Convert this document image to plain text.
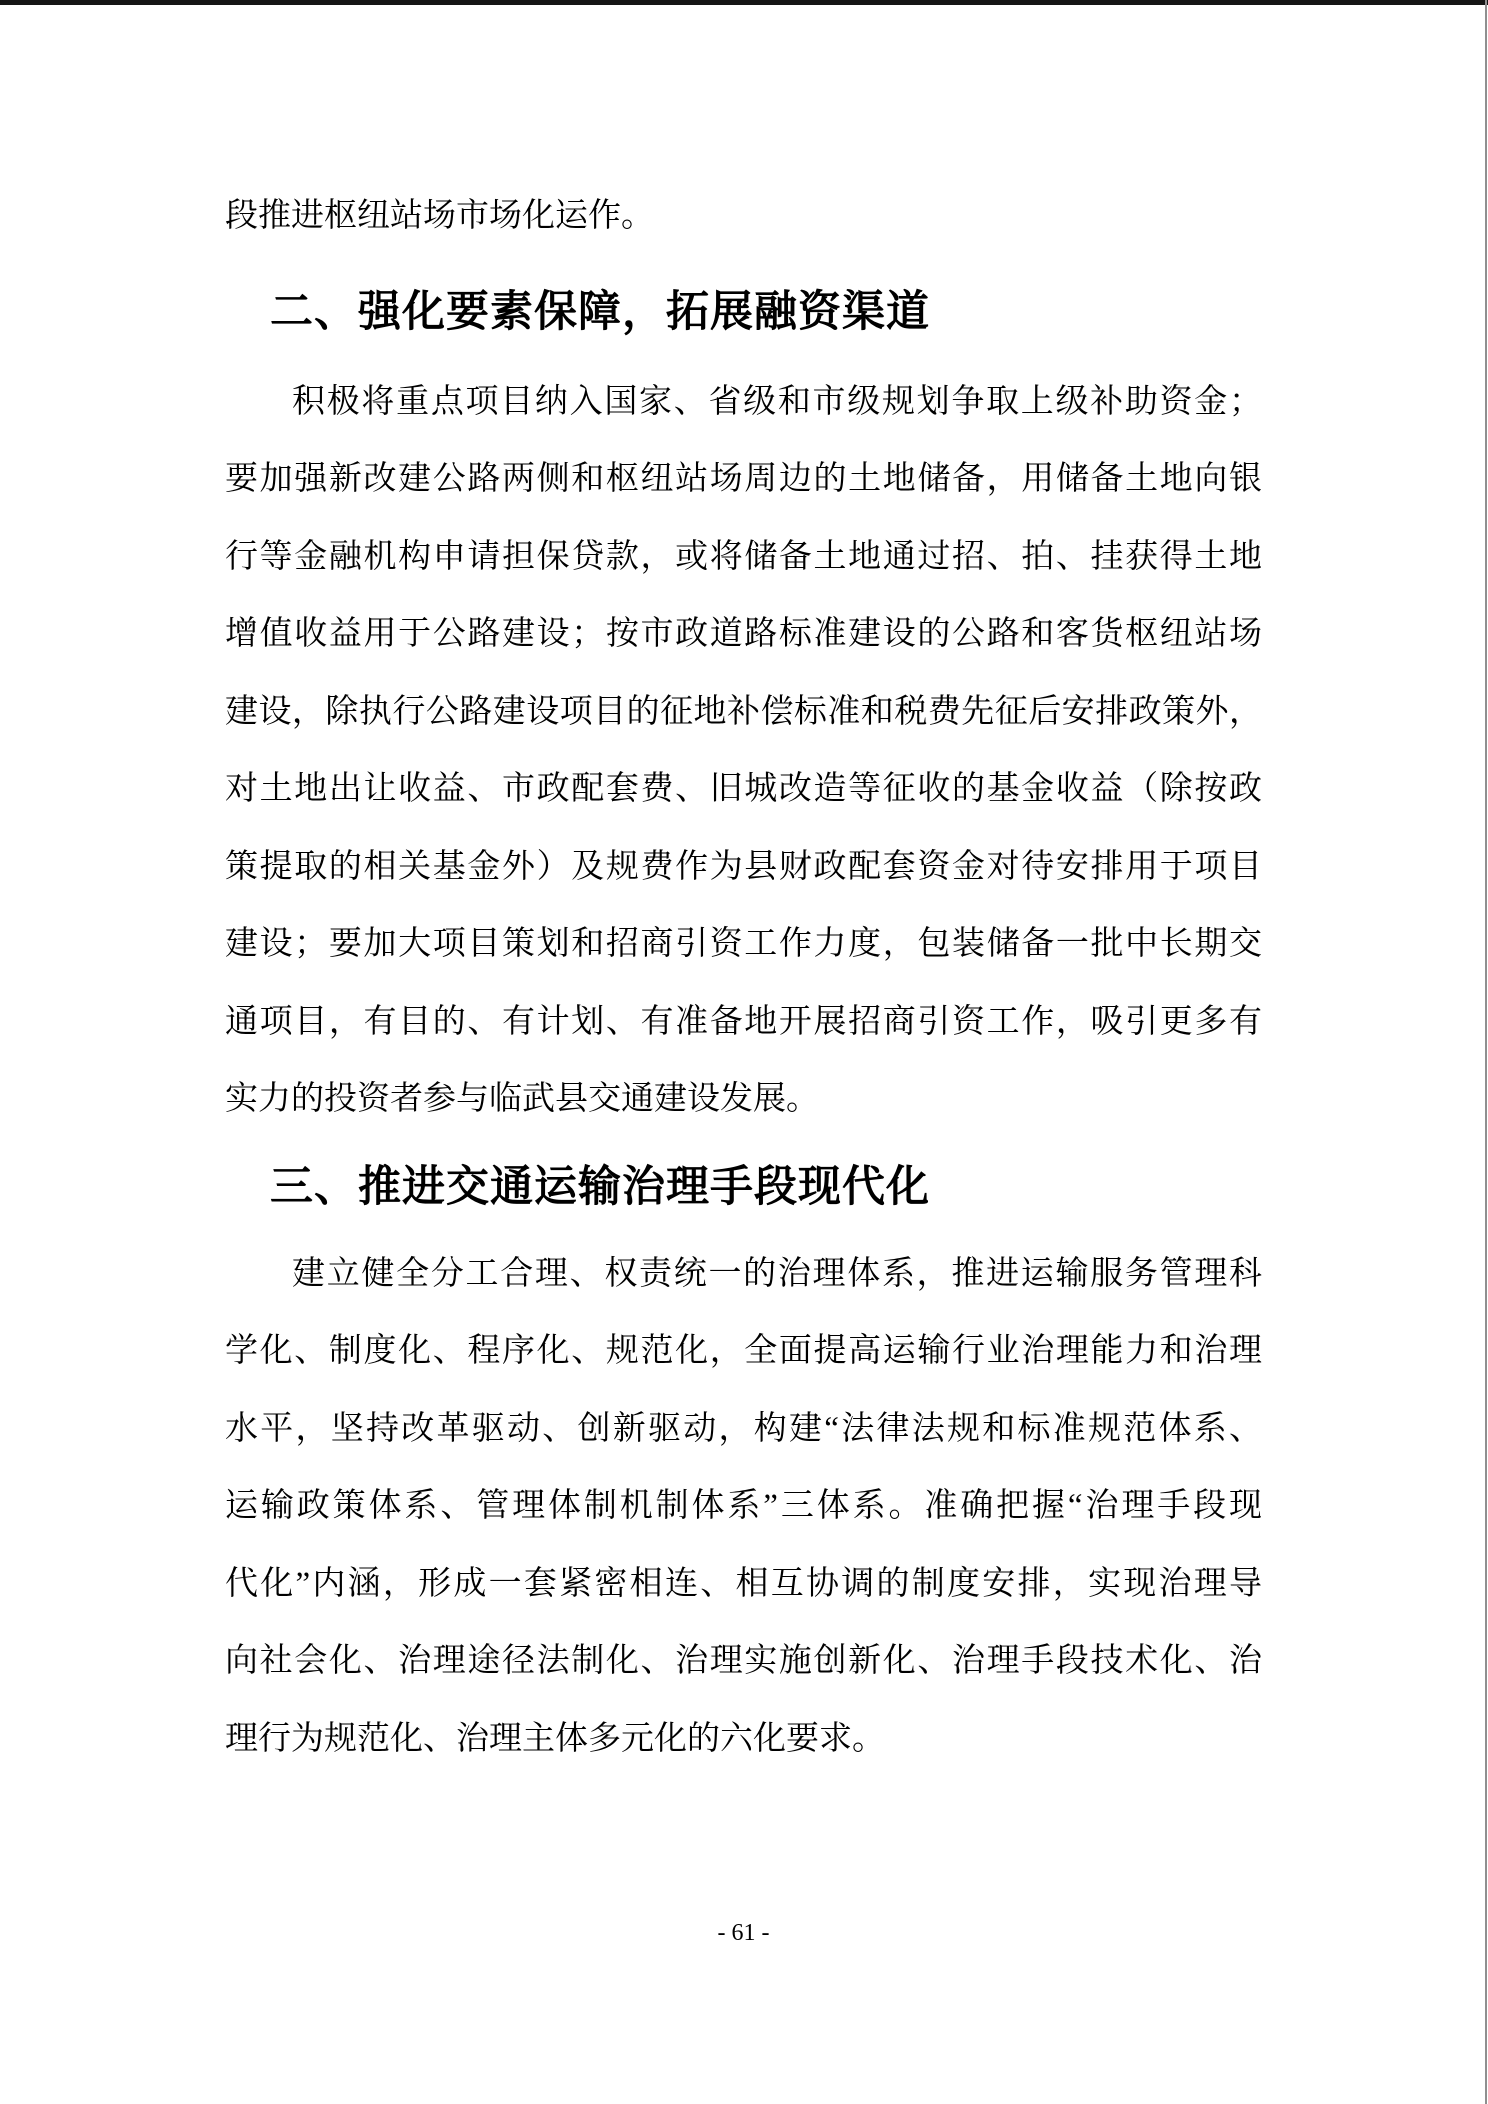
段推进枢纽站场市场化运作。
二、强化要素保障，拓展融资渠道
积极将重点项目纳入国家、省级和市级规划争取上级补助资金；
要加强新改建公路两侧和枢纽站场周边的土地储备，用储备土地向银
行等金融机构申请担保贷款，或将储备土地通过招、拍、挂获得土地
增值收益用于公路建设；按市政道路标准建设的公路和客货枢纽站场
建设，除执行公路建设项目的征地补偿标准和税费先征后安排政策外，
对土地出让收益、市政配套费、旧城改造等征收的基金收益（除按政
策提取的相关基金外）及规费作为县财政配套资金对待安排用于项目
建设；要加大项目策划和招商引资工作力度，包装储备一批中长期交
通项目，有目的、有计划、有准备地开展招商引资工作，吸引更多有
实力的投资者参与临武县交通建设发展。
三、推进交通运输治理手段现代化
建立健全分工合理、权责统一的治理体系，推进运输服务管理科
学化、制度化、程序化、规范化，全面提高运输行业治理能力和治理
水平，坚持改革驱动、创新驱动，构建“法律法规和标准规范体系、
运输政策体系、管理体制机制体系”三体系。准确把握“治理手段现
代化”内涵，形成一套紧密相连、相互协调的制度安排，实现治理导
向社会化、治理途径法制化、治理实施创新化、治理手段技术化、治
理行为规范化、治理主体多元化的六化要求。
- 61 -
